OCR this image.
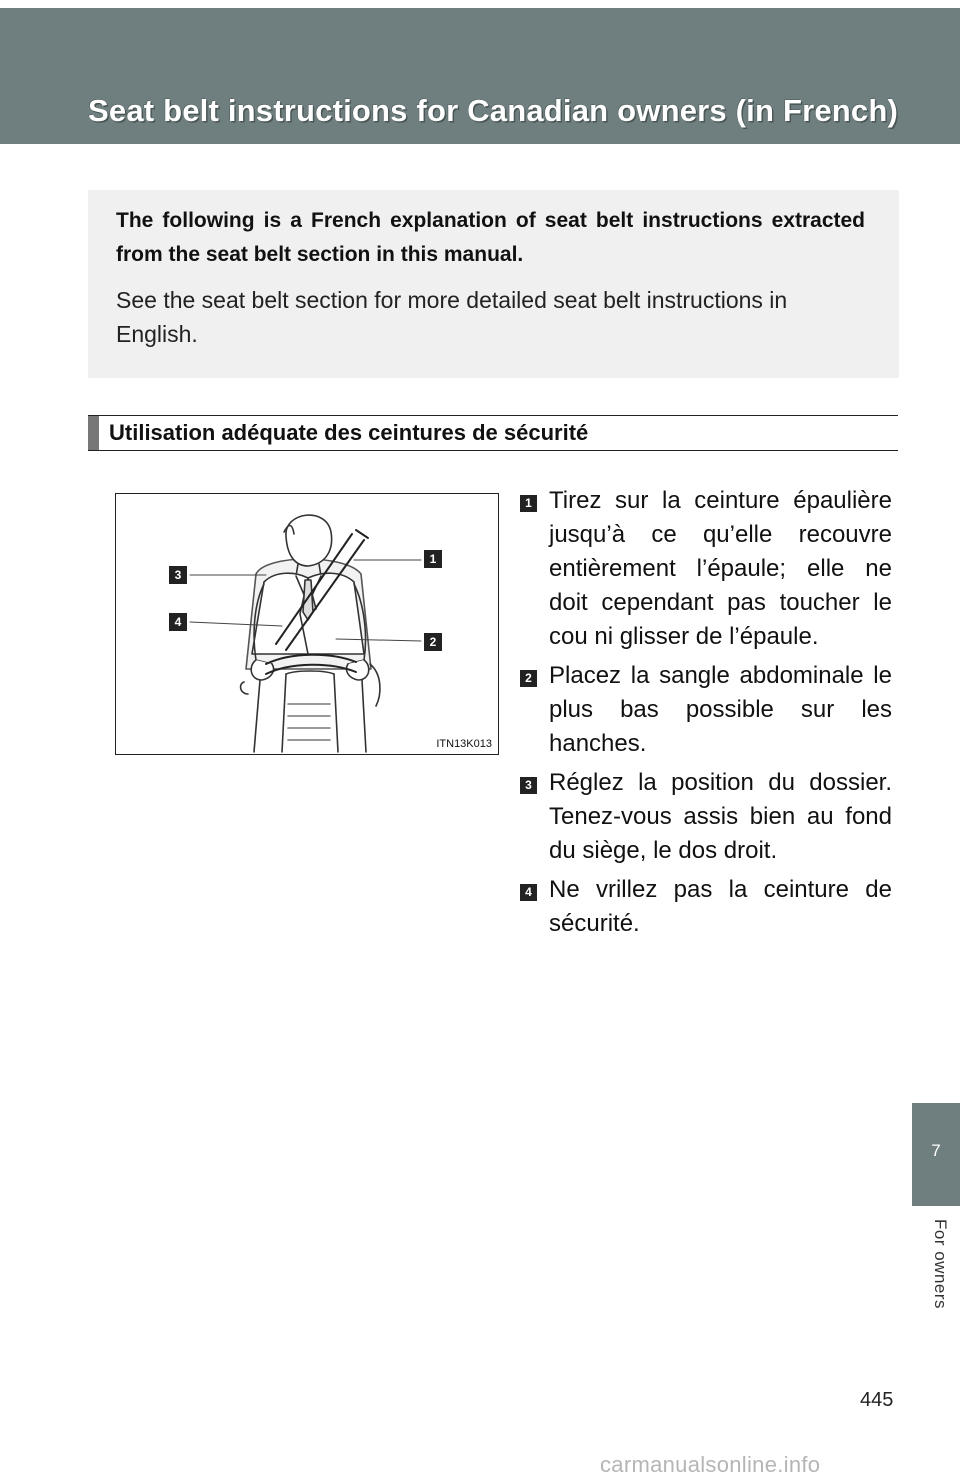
Seat belt instructions for Canadian owners (in French)

The following is a French explanation of seat belt instructions extracted from the seat belt section in this manual.

See the seat belt section for more detailed seat belt instructions in English.

Utilisation adéquate des ceintures de sécurité
3
4
1
2
ITN13K013
1 Tirez sur la ceinture épaulière jusqu’à ce qu’elle recouvre entièrement l’épaule; elle ne doit cependant pas toucher le cou ni glisser de l’épaule.

2 Placez la sangle abdominale le plus bas possible sur les hanches.

3 Réglez la position du dossier. Tenez-vous assis bien au fond du siège, le dos droit.

4 Ne vrillez pas la ceinture de sécurité.

7
For owners
445
carmanualsonline.info
